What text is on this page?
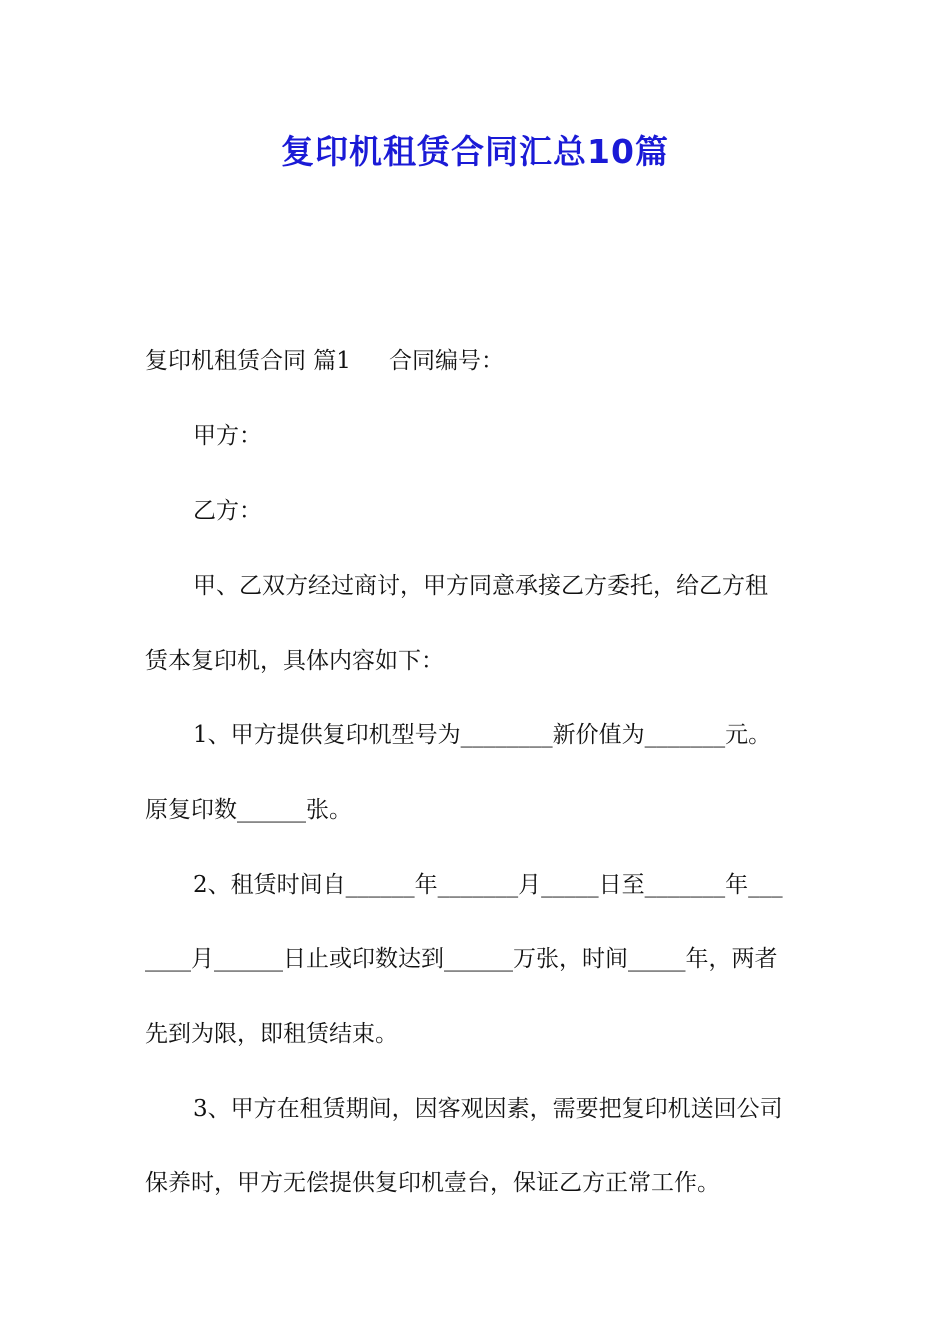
复印机租赁合同汇总10篇
复印机租赁合同 篇1 合同编号：
甲方：
乙方：
甲、乙双方经过商讨，甲方同意承接乙方委托，给乙方租
赁本复印机，具体内容如下：
1、甲方提供复印机型号为________新价值为_______元。
原复印数______张。
2、租赁时间自______年_______月_____日至_______年___
____月______日止或印数达到______万张，时间_____年，两者
先到为限，即租赁结束。
3、甲方在租赁期间，因客观因素，需要把复印机送回公司
保养时，甲方无偿提供复印机壹台，保证乙方正常工作。
